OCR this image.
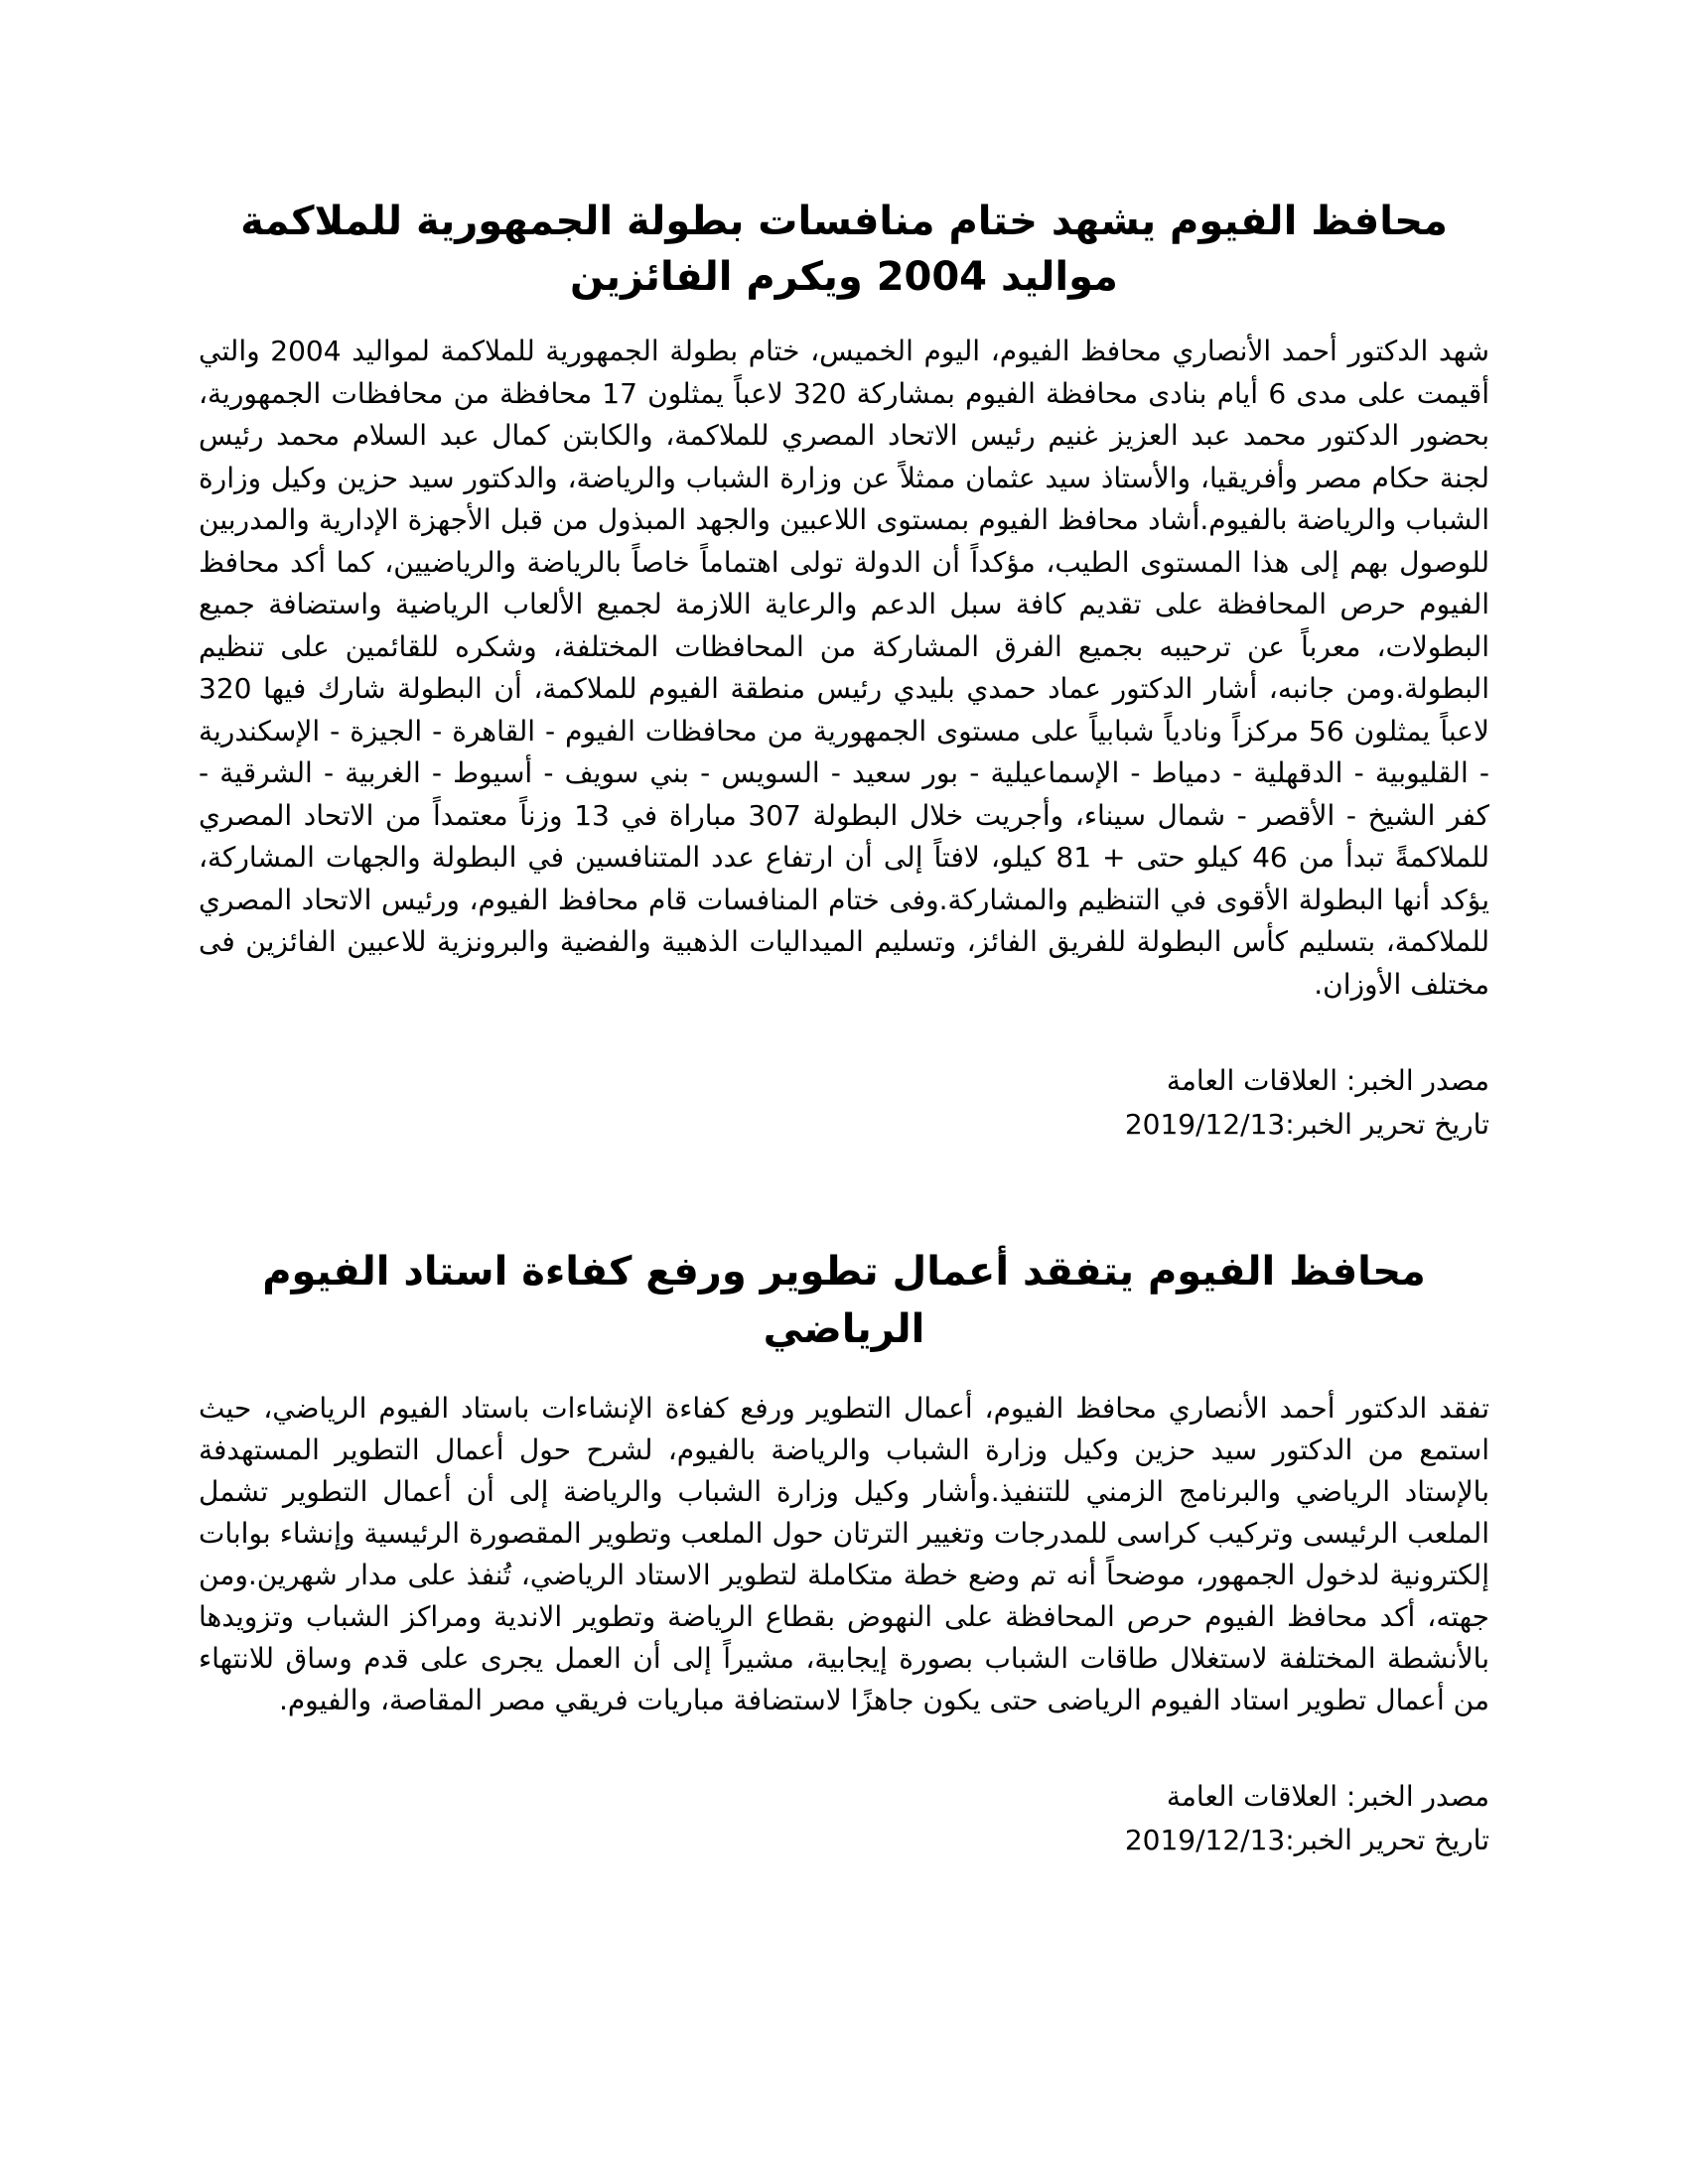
محافظ الفيوم يشهد ختام منافسات بطولة الجمهورية للملاكمة مواليد 2004 ويكرم الفائزين

شهد الدكتور أحمد الأنصاري محافظ الفيوم، اليوم الخميس، ختام بطولة الجمهورية للملاكمة لمواليد 2004 والتي أقيمت على مدى 6 أيام بنادى محافظة الفيوم بمشاركة 320 لاعباً يمثلون 17 محافظة من محافظات الجمهورية، بحضور الدكتور محمد عبد العزيز غنيم رئيس الاتحاد المصري للملاكمة، والكابتن كمال عبد السلام محمد رئيس لجنة حكام مصر وأفريقيا، والأستاذ سيد عثمان ممثلاً عن وزارة الشباب والرياضة، والدكتور سيد حزين وكيل وزارة الشباب والرياضة بالفيوم.أشاد محافظ الفيوم بمستوى اللاعبين والجهد المبذول من قبل الأجهزة الإدارية والمدربين للوصول بهم إلى هذا المستوى الطيب، مؤكداً أن الدولة تولى اهتماماً خاصاً بالرياضة والرياضيين، كما أكد محافظ الفيوم حرص المحافظة على تقديم كافة سبل الدعم والرعاية اللازمة لجميع الألعاب الرياضية واستضافة جميع البطولات، معرباً عن ترحيبه بجميع الفرق المشاركة من المحافظات المختلفة، وشكره للقائمين على تنظيم البطولة.ومن جانبه، أشار الدكتور عماد حمدي بليدي رئيس منطقة الفيوم للملاكمة، أن البطولة شارك فيها 320 لاعباً يمثلون 56 مركزاً ونادياً شبابياً على مستوى الجمهورية من محافظات الفيوم - القاهرة - الجيزة - الإسكندرية - القليوبية - الدقهلية - دمياط - الإسماعيلية - بور سعيد - السويس - بني سويف - أسيوط - الغربية - الشرقية - كفر الشيخ - الأقصر - شمال سيناء، وأجريت خلال البطولة 307 مباراة في 13 وزناً معتمداً من الاتحاد المصري للملاكمةً تبدأ من 46 كيلو حتى + 81 كيلو، لافتاً إلى أن ارتفاع عدد المتنافسين في البطولة والجهات المشاركة، يؤكد أنها البطولة الأقوى في التنظيم والمشاركة.وفى ختام المنافسات قام محافظ الفيوم، ورئيس الاتحاد المصري للملاكمة، بتسليم كأس البطولة للفريق الفائز، وتسليم الميداليات الذهبية والفضية والبرونزية للاعبين الفائزين فى مختلف الأوزان.

مصدر الخبر: العلاقات العامة
تاريخ تحرير الخبر:2019/12/13
محافظ الفيوم يتفقد أعمال تطوير ورفع كفاءة استاد الفيوم الرياضي

تفقد الدكتور أحمد الأنصاري محافظ الفيوم، أعمال التطوير ورفع كفاءة الإنشاءات باستاد الفيوم الرياضي، حيث استمع من الدكتور سيد حزين وكيل وزارة الشباب والرياضة بالفيوم، لشرح حول أعمال التطوير المستهدفة بالإستاد الرياضي والبرنامج الزمني للتنفيذ.وأشار وكيل وزارة الشباب والرياضة إلى أن أعمال التطوير تشمل الملعب الرئيسى وتركيب كراسى للمدرجات وتغيير الترتان حول الملعب وتطوير المقصورة الرئيسية وإنشاء بوابات إلكترونية لدخول الجمهور، موضحاً أنه تم وضع خطة متكاملة لتطوير الاستاد الرياضي، تُنفذ على مدار شهرين.ومن جهته، أكد محافظ الفيوم حرص المحافظة على النهوض بقطاع الرياضة وتطوير الاندية ومراكز الشباب وتزويدها بالأنشطة المختلفة لاستغلال طاقات الشباب بصورة إيجابية، مشيراً إلى أن العمل يجرى على قدم وساق للانتهاء من أعمال تطوير استاد الفيوم الرياضى حتى يكون جاهزًا لاستضافة مباريات فريقي مصر المقاصة، والفيوم.

مصدر الخبر: العلاقات العامة
تاريخ تحرير الخبر:2019/12/13
